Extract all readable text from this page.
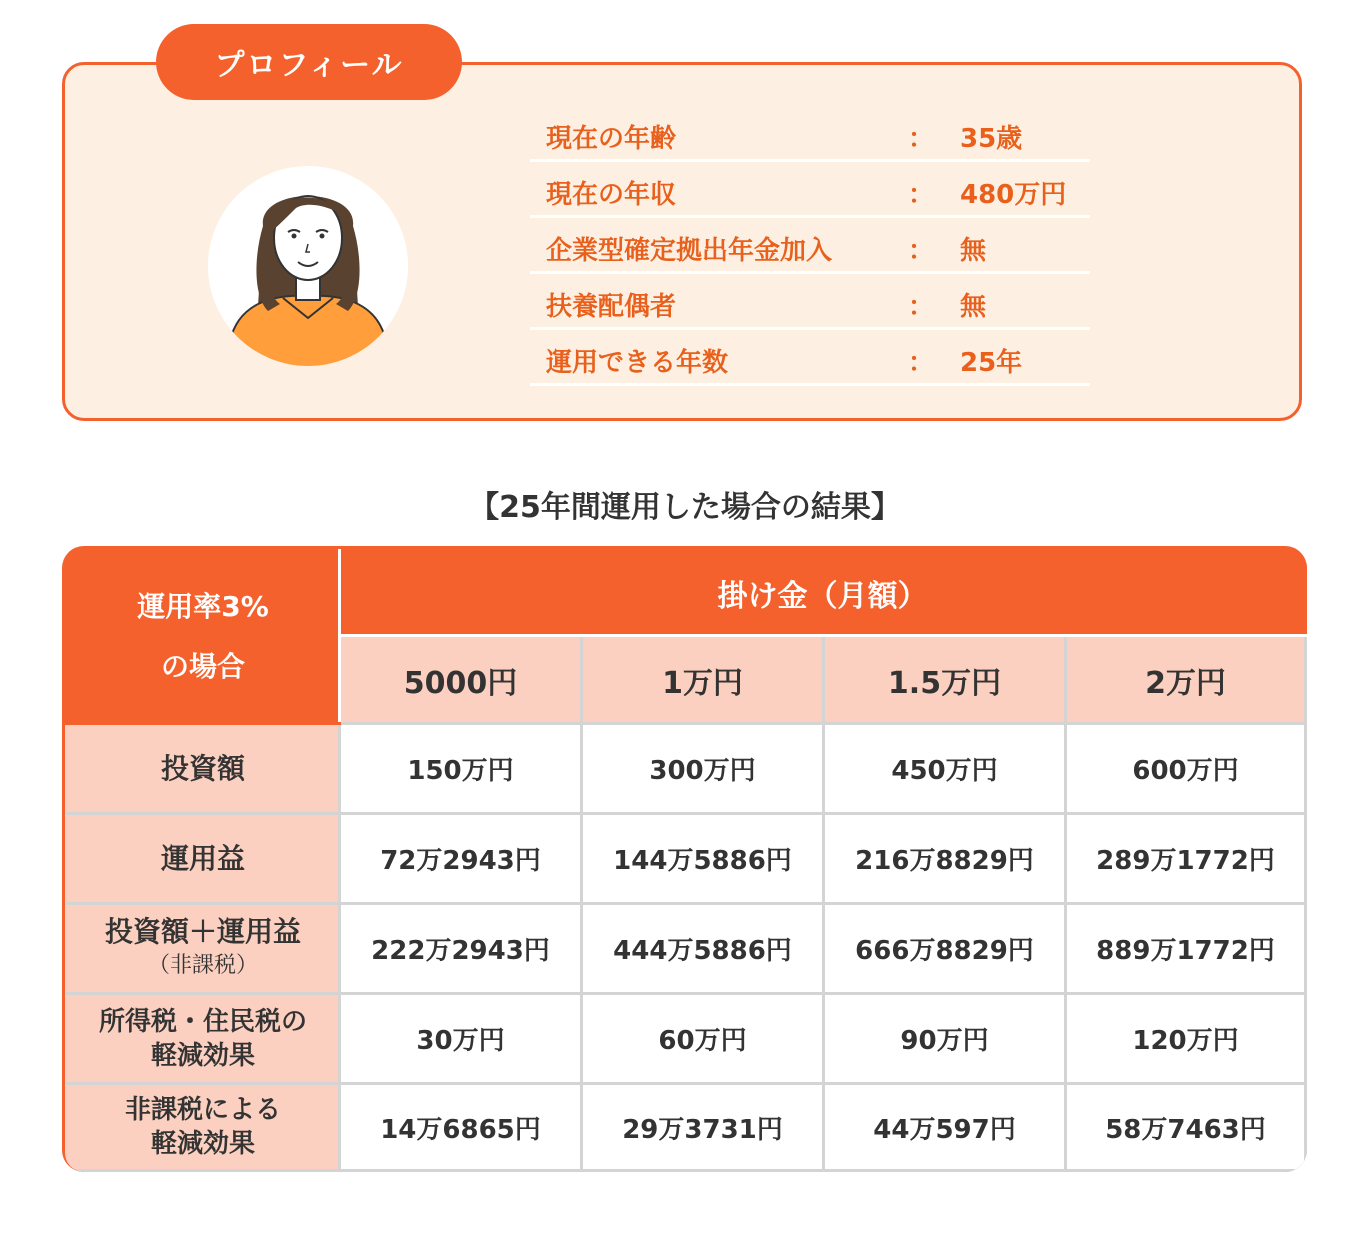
プロフィール
現在の年齢	： 35歳
現在の年収	： 480万円
企業型確定拠出年金加入	： 無
扶養配偶者	： 無
運用できる年数	： 25年
【25年間運用した場合の結果】
運用率3%
の場合	掛け金（月額）			
	5000円	1万円	1.5万円	2万円
投資額	150万円	300万円	450万円	600万円
運用益	72万2943円	144万5886円	216万8829円	289万1772円
投資額＋運用益
（非課税）	222万2943円	444万5886円	666万8829円	889万1772円
所得税・住民税の
軽減効果	30万円	60万円	90万円	120万円
非課税による
軽減効果	14万6865円	29万3731円	44万597円	58万7463円
